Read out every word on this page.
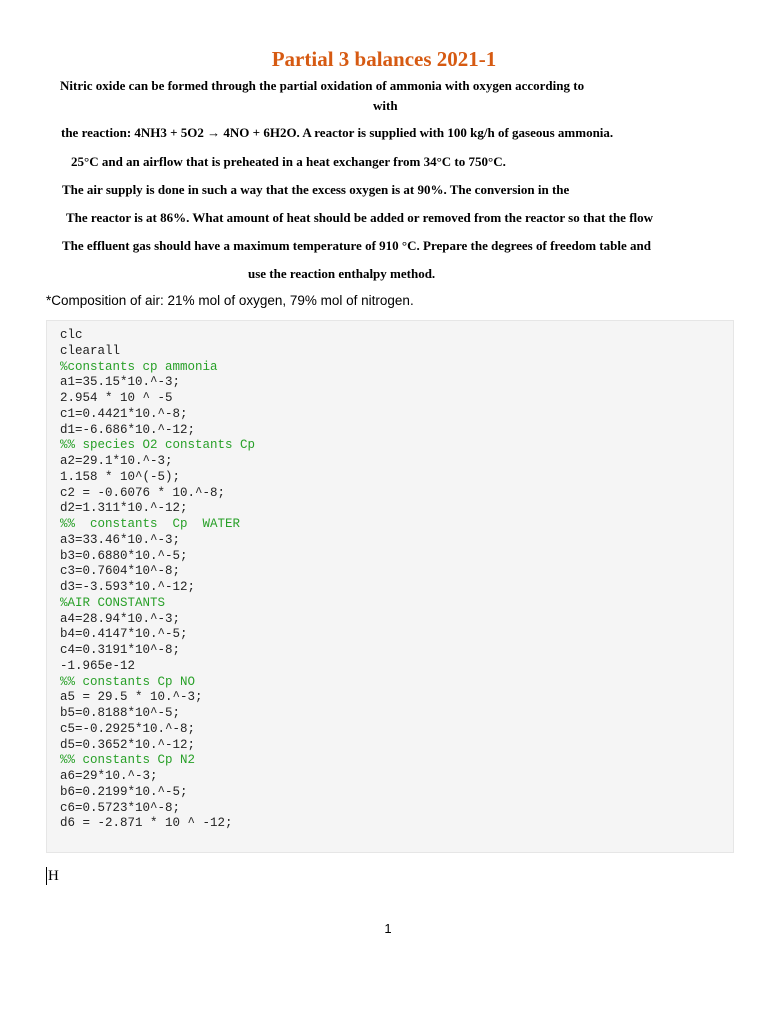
Partial 3 balances 2021-1

Nitric oxide can be formed through the partial oxidation of ammonia with oxygen according to

with

the reaction: 4NH3 + 5O2 → 4NO + 6H2O. A reactor is supplied with 100 kg/h of gaseous ammonia.

25°C and an airflow that is preheated in a heat exchanger from 34°C to 750°C.

The air supply is done in such a way that the excess oxygen is at 90%. The conversion in the

The reactor is at 86%. What amount of heat should be added or removed from the reactor so that the flow

The effluent gas should have a maximum temperature of 910 °C. Prepare the degrees of freedom table and

use the reaction enthalpy method.

*Composition of air: 21% mol of oxygen, 79% mol of nitrogen.

clc
clearall
%constants cp ammonia
a1=35.15*10.^-3;
2.954 * 10 ^ -5
c1=0.4421*10.^-8;
d1=-6.686*10.^-12;
%% species O2 constants Cp
a2=29.1*10.^-3;
1.158 * 10^(-5);
c2 = -0.6076 * 10.^-8;
d2=1.311*10.^-12;
%%  constants  Cp  WATER
a3=33.46*10.^-3;
b3=0.6880*10.^-5;
c3=0.7604*10^-8;
d3=-3.593*10.^-12;
%AIR CONSTANTS
a4=28.94*10.^-3;
b4=0.4147*10.^-5;
c4=0.3191*10^-8;
-1.965e-12
%% constants Cp NO
a5 = 29.5 * 10.^-3;
b5=0.8188*10^-5;
c5=-0.2925*10.^-8;
d5=0.3652*10.^-12;
%% constants Cp N2
a6=29*10.^-3;
b6=0.2199*10.^-5;
c6=0.5723*10^-8;
d6 = -2.871 * 10 ^ -12;
H
1
